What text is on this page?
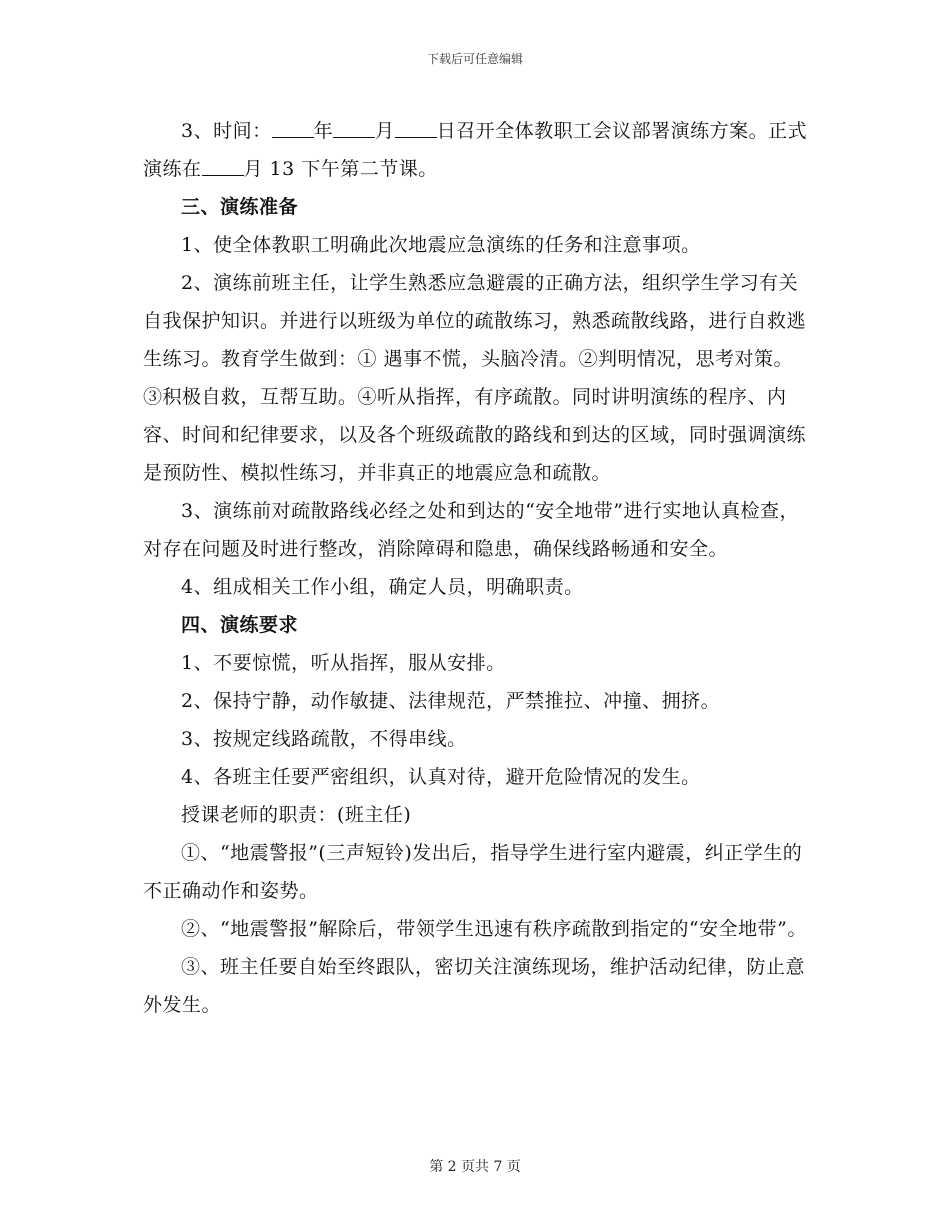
下载后可任意编辑

3、时间： 年 月 日召开全体教职工会议部署演练方案。正式演练在 月 13 下午第二节课。

三、演练准备

1、使全体教职工明确此次地震应急演练的任务和注意事项。

2、演练前班主任，让学生熟悉应急避震的正确方法，组织学生学习有关自我保护知识。并进行以班级为单位的疏散练习，熟悉疏散线路，进行自救逃生练习。教育学生做到：① 遇事不慌，头脑冷清。②判明情况，思考对策。③积极自救，互帮互助。④听从指挥，有序疏散。同时讲明演练的程序、内容、时间和纪律要求，以及各个班级疏散的路线和到达的区域，同时强调演练是预防性、模拟性练习，并非真正的地震应急和疏散。

3、演练前对疏散路线必经之处和到达的“安全地带”进行实地认真检查，对存在问题及时进行整改，消除障碍和隐患，确保线路畅通和安全。

4、组成相关工作小组，确定人员，明确职责。

四、演练要求

1、不要惊慌，听从指挥，服从安排。

2、保持宁静，动作敏捷、法律规范，严禁推拉、冲撞、拥挤。

3、按规定线路疏散，不得串线。

4、各班主任要严密组织，认真对待，避开危险情况的发生。

授课老师的职责：(班主任)

①、“地震警报”(三声短铃)发出后，指导学生进行室内避震，纠正学生的不正确动作和姿势。

②、“地震警报”解除后，带领学生迅速有秩序疏散到指定的“安全地带”。

③、班主任要自始至终跟队，密切关注演练现场，维护活动纪律，防止意外发生。

第 2 页共 7 页
